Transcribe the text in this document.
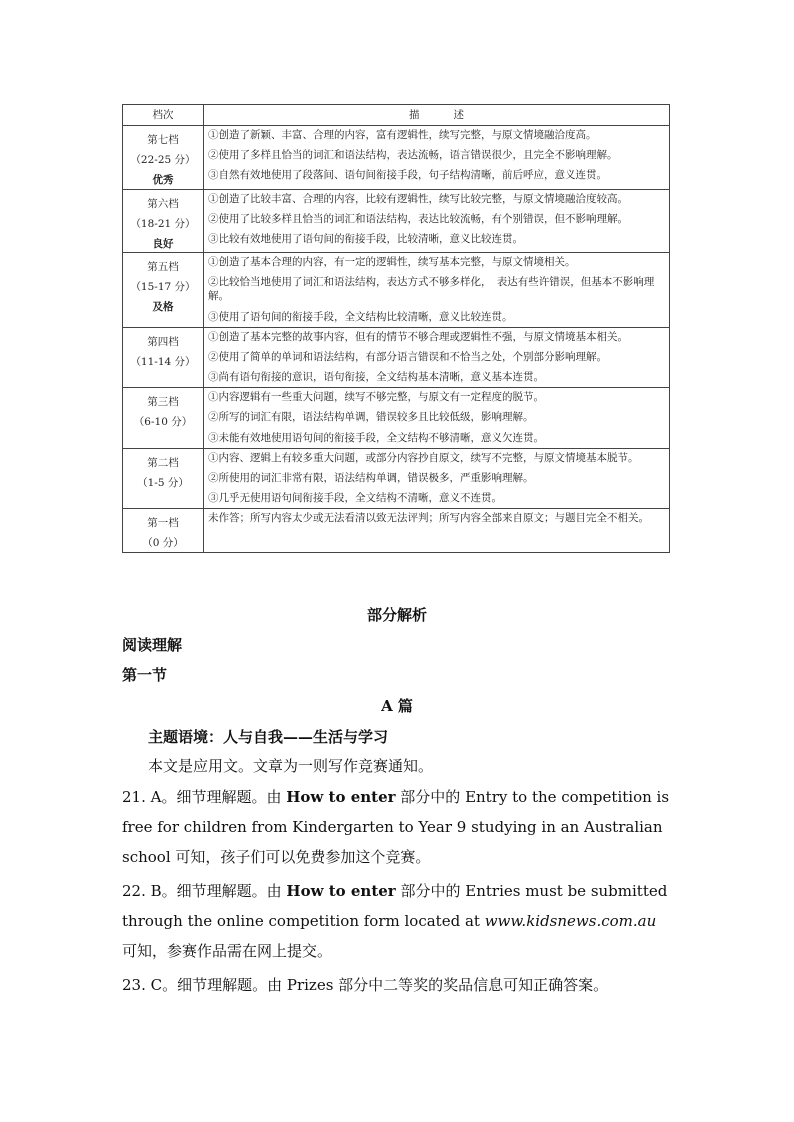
档次	描述

第七档
（22-25 分）
优秀	①创造了新颖、丰富、合理的内容，富有逻辑性，续写完整，与原文情境融洽度高。
②使用了多样且恰当的词汇和语法结构，表达流畅，语言错误很少，且完全不影响理解。
③自然有效地使用了段落间、语句间衔接手段，句子结构清晰，前后呼应，意义连贯。

第六档
（18-21 分）
良好	①创造了比较丰富、合理的内容，比较有逻辑性，续写比较完整，与原文情境融洽度较高。
②使用了比较多样且恰当的词汇和语法结构，表达比较流畅，有个别错误，但不影响理解。
③比较有效地使用了语句间的衔接手段，比较清晰，意义比较连贯。

第五档
（15-17 分）
及格	①创造了基本合理的内容，有一定的逻辑性，续写基本完整，与原文情境相关。
②比较恰当地使用了词汇和语法结构，表达方式不够多样化，　表达有些许错误，但基本不影响理解。
③使用了语句间的衔接手段，全文结构比较清晰，意义比较连贯。

第四档
（11-14 分）	①创造了基本完整的故事内容，但有的情节不够合理或逻辑性不强，与原文情境基本相关。
②使用了简单的单词和语法结构，有部分语言错误和不恰当之处，个别部分影响理解。
③尚有语句衔接的意识，语句衔接，全文结构基本清晰，意义基本连贯。

第三档
（6-10 分）	①内容逻辑有一些重大问题，续写不够完整，与原文有一定程度的脱节。
②所写的词汇有限，语法结构单调，错误较多且比较低级，影响理解。
③未能有效地使用语句间的衔接手段，全文结构不够清晰，意义欠连贯。

第二档
（1-5 分）	①内容、逻辑上有较多重大问题，或部分内容抄自原文，续写不完整，与原文情境基本脱节。
②所使用的词汇非常有限，语法结构单调，错误极多，严重影响理解。
③几乎无使用语句间衔接手段，全文结构不清晰，意义不连贯。

第一档
（0 分）	未作答；所写内容太少或无法看清以致无法评判；所写内容全部来自原文；与题目完全不相关。
部分解析
阅读理解
第一节
A 篇
主题语境：人与自我——生活与学习
本文是应用文。文章为一则写作竞赛通知。
21. A。细节理解题。由 How to enter 部分中的 Entry to the competition is free for children from Kindergarten to Year 9 studying in an Australian school 可知，孩子们可以免费参加这个竞赛。
22. B。细节理解题。由 How to enter 部分中的 Entries must be submitted through the online competition form located at www.kidsnews.com.au 可知，参赛作品需在网上提交。
23. C。细节理解题。由 Prizes 部分中二等奖的奖品信息可知正确答案。
